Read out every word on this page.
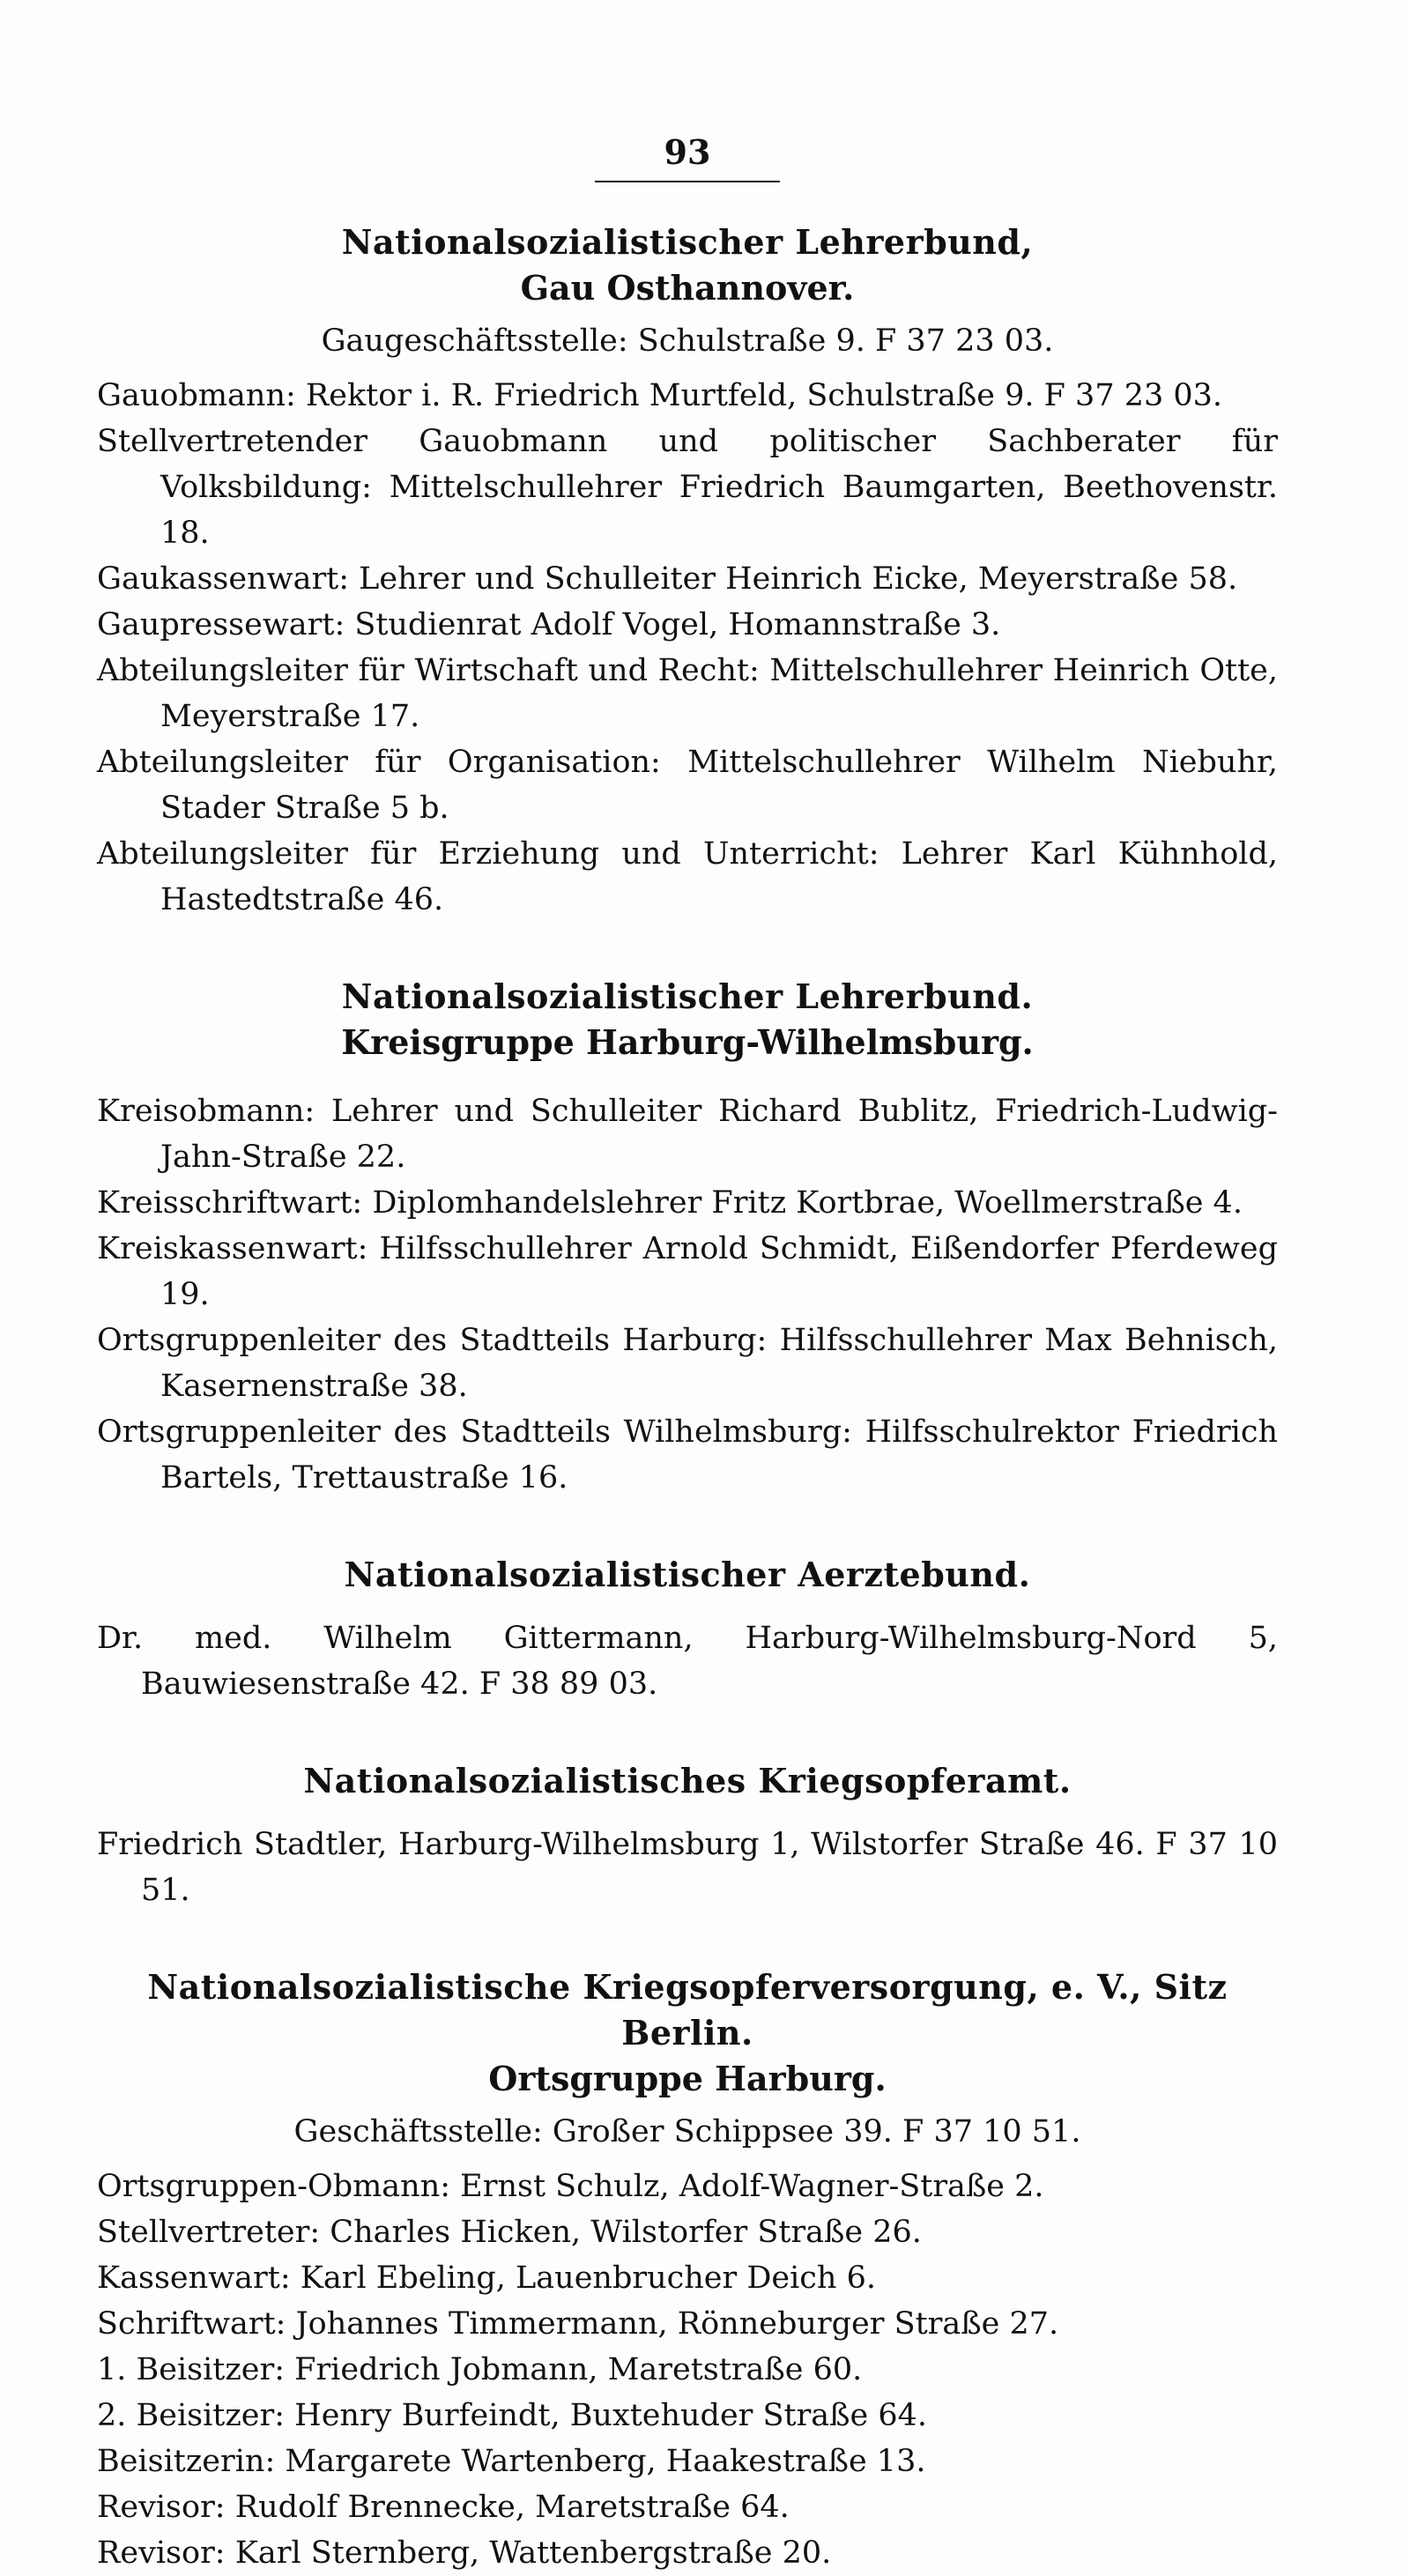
93
Nationalsozialistischer Lehrerbund,
Gau Osthannover.
Gaugeschäftsstelle: Schulstraße 9. F 37 23 03.

Gauobmann: Rektor i. R. Friedrich Murtfeld, Schulstraße 9. F 37 23 03.

Stellvertretender Gauobmann und politischer Sachberater für Volksbildung: Mittelschullehrer Friedrich Baumgarten, Beethovenstr. 18.

Gaukassenwart: Lehrer und Schulleiter Heinrich Eicke, Meyerstraße 58.

Gaupressewart: Studienrat Adolf Vogel, Homannstraße 3.

Abteilungsleiter für Wirtschaft und Recht: Mittelschullehrer Heinrich Otte, Meyerstraße 17.

Abteilungsleiter für Organisation: Mittelschullehrer Wilhelm Niebuhr, Stader Straße 5 b.

Abteilungsleiter für Erziehung und Unterricht: Lehrer Karl Kühnhold, Hastedtstraße 46.

Nationalsozialistischer Lehrerbund.
Kreisgruppe Harburg-Wilhelmsburg.

Kreisobmann: Lehrer und Schulleiter Richard Bublitz, Friedrich-Ludwig-Jahn-Straße 22.

Kreisschriftwart: Diplomhandelslehrer Fritz Kortbrae, Woellmerstraße 4.

Kreiskassenwart: Hilfsschullehrer Arnold Schmidt, Eißendorfer Pferdeweg 19.

Ortsgruppenleiter des Stadtteils Harburg: Hilfsschullehrer Max Behnisch, Kasernenstraße 38.

Ortsgruppenleiter des Stadtteils Wilhelmsburg: Hilfsschulrektor Friedrich Bartels, Trettaustraße 16.

Nationalsozialistischer Aerztebund.

Dr. med. Wilhelm Gittermann, Harburg-Wilhelmsburg-Nord 5, Bauwiesenstraße 42. F 38 89 03.

Nationalsozialistisches Kriegsopferamt.

Friedrich Stadtler, Harburg-Wilhelmsburg 1, Wilstorfer Straße 46. F 37 10 51.

Nationalsozialistische Kriegsopferversorgung, e. V., Sitz Berlin.
Ortsgruppe Harburg.
Geschäftsstelle: Großer Schippsee 39. F 37 10 51.

Ortsgruppen-Obmann: Ernst Schulz, Adolf-Wagner-Straße 2.

Stellvertreter: Charles Hicken, Wilstorfer Straße 26.

Kassenwart: Karl Ebeling, Lauenbrucher Deich 6.

Schriftwart: Johannes Timmermann, Rönneburger Straße 27.

1. Beisitzer: Friedrich Jobmann, Maretstraße 60.

2. Beisitzer: Henry Burfeindt, Buxtehuder Straße 64.

Beisitzerin: Margarete Wartenberg, Haakestraße 13.

Revisor: Rudolf Brennecke, Maretstraße 64.

Revisor: Karl Sternberg, Wattenbergstraße 20.
